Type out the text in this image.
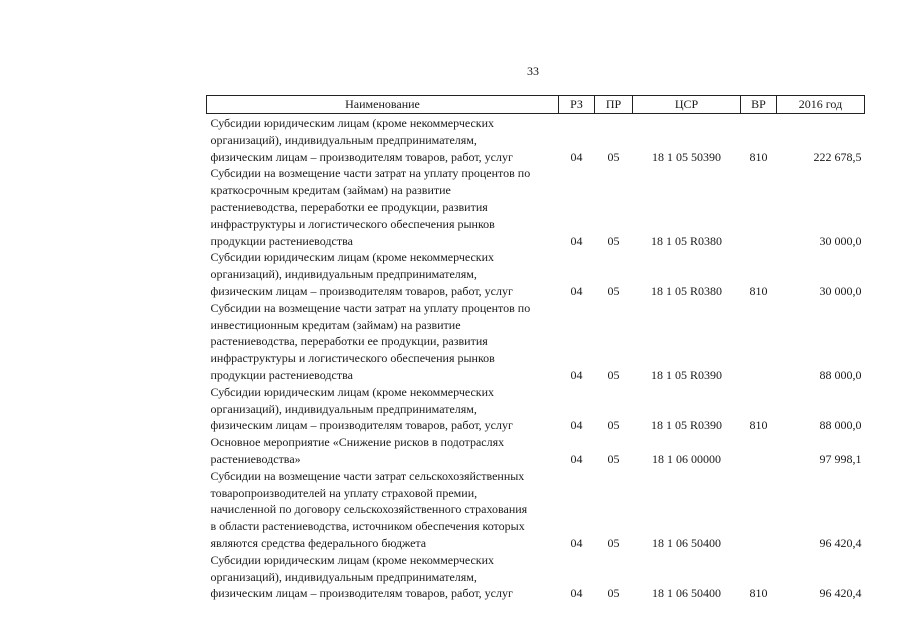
33
Наименование	РЗ	ПР	ЦСР	ВР	2016 год
Субсидии юридическим лицам (кроме некоммерческих
организаций), индивидуальным предпринимателям,
физическим лицам – производителям товаров, работ, услуг	04	05	18 1 05 50390	810	222 678,5
Субсидии на возмещение части затрат на уплату процентов по
краткосрочным кредитам (займам) на развитие
растениеводства, переработки ее продукции, развития
инфраструктуры и логистического обеспечения рынков
продукции растениеводства	04	05	18 1 05 R0380		30 000,0
Субсидии юридическим лицам (кроме некоммерческих
организаций), индивидуальным предпринимателям,
физическим лицам – производителям товаров, работ, услуг	04	05	18 1 05 R0380	810	30 000,0
Субсидии на возмещение части затрат на уплату процентов по
инвестиционным кредитам (займам) на развитие
растениеводства, переработки ее продукции, развития
инфраструктуры и логистического обеспечения рынков
продукции растениеводства	04	05	18 1 05 R0390		88 000,0
Субсидии юридическим лицам (кроме некоммерческих
организаций), индивидуальным предпринимателям,
физическим лицам – производителям товаров, работ, услуг	04	05	18 1 05 R0390	810	88 000,0
Основное мероприятие «Снижение рисков в подотраслях
растениеводства»	04	05	18 1 06 00000		97 998,1
Субсидии на возмещение части затрат сельскохозяйственных
товаропроизводителей на уплату страховой премии,
начисленной по договору сельскохозяйственного страхования
в области растениеводства, источником обеспечения которых
являются средства федерального бюджета	04	05	18 1 06 50400		96 420,4
Субсидии юридическим лицам (кроме некоммерческих
организаций), индивидуальным предпринимателям,
физическим лицам – производителям товаров, работ, услуг	04	05	18 1 06 50400	810	96 420,4
